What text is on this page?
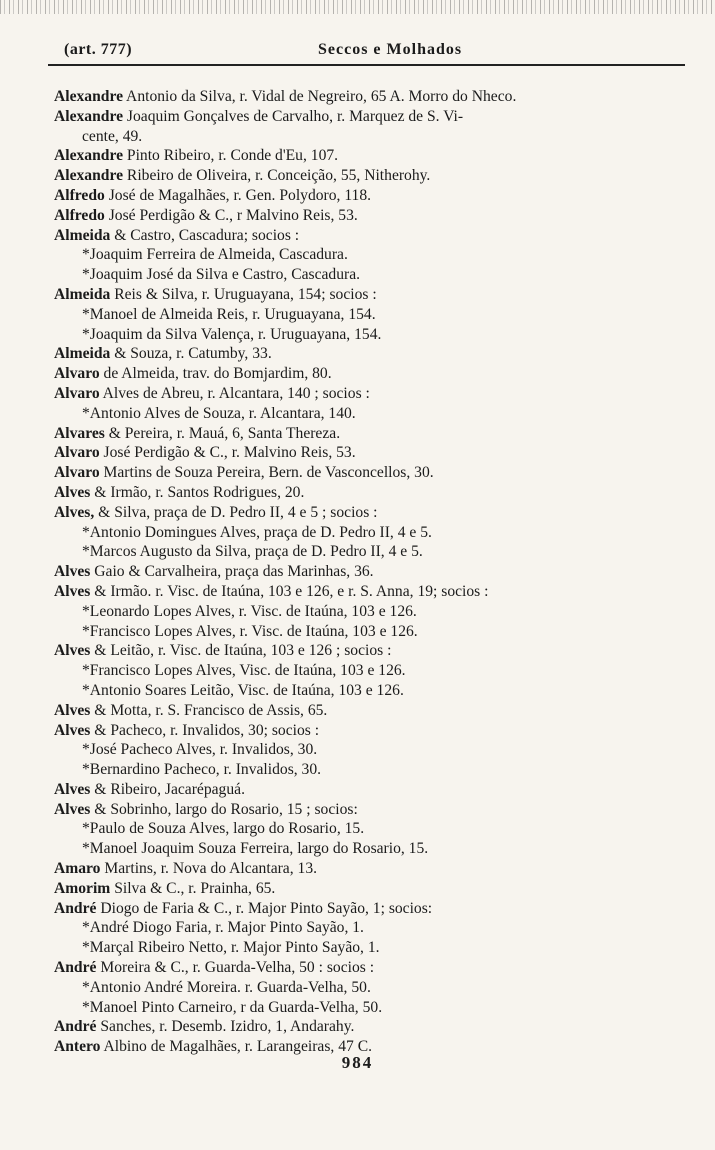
(art. 777)	Seccos e Molhados
Alexandre Antonio da Silva, r. Vidal de Negreiro, 65 A. Morro do Nheco.
Alexandre Joaquim Gonçalves de Carvalho, r. Marquez de S. Vi-
cente, 49.
Alexandre Pinto Ribeiro, r. Conde d'Eu, 107.
Alexandre Ribeiro de Oliveira, r. Conceição, 55, Nitherohy.
Alfredo José de Magalhães, r. Gen. Polydoro, 118.
Alfredo José Perdigão & C., r Malvino Reis, 53.
Almeida & Castro, Cascadura; socios :
*Joaquim Ferreira de Almeida, Cascadura.
*Joaquim José da Silva e Castro, Cascadura.
Almeida Reis & Silva, r. Uruguayana, 154; socios :
*Manoel de Almeida Reis, r. Uruguayana, 154.
*Joaquim da Silva Valença, r. Uruguayana, 154.
Almeida & Souza, r. Catumby, 33.
Alvaro de Almeida, trav. do Bomjardim, 80.
Alvaro Alves de Abreu, r. Alcantara, 140 ; socios :
*Antonio Alves de Souza, r. Alcantara, 140.
Alvares & Pereira, r. Mauá, 6, Santa Thereza.
Alvaro José Perdigão & C., r. Malvino Reis, 53.
Alvaro Martins de Souza Pereira, Bern. de Vasconcellos, 30.
Alves & Irmão, r. Santos Rodrigues, 20.
Alves, & Silva, praça de D. Pedro II, 4 e 5 ; socios :
*Antonio Domingues Alves, praça de D. Pedro II, 4 e 5.
*Marcos Augusto da Silva, praça de D. Pedro II, 4 e 5.
Alves Gaio & Carvalheira, praça das Marinhas, 36.
Alves & Irmão. r. Visc. de Itaúna, 103 e 126, e r. S. Anna, 19; socios :
*Leonardo Lopes Alves, r. Visc. de Itaúna, 103 e 126.
*Francisco Lopes Alves, r. Visc. de Itaúna, 103 e 126.
Alves & Leitão, r. Visc. de Itaúna, 103 e 126 ; socios :
*Francisco Lopes Alves, Visc. de Itaúna, 103 e 126.
*Antonio Soares Leitão, Visc. de Itaúna, 103 e 126.
Alves & Motta, r. S. Francisco de Assis, 65.
Alves & Pacheco, r. Invalidos, 30; socios :
*José Pacheco Alves, r. Invalidos, 30.
*Bernardino Pacheco, r. Invalidos, 30.
Alves & Ribeiro, Jacarépaguá.
Alves & Sobrinho, largo do Rosario, 15 ; socios:
*Paulo de Souza Alves, largo do Rosario, 15.
*Manoel Joaquim Souza Ferreira, largo do Rosario, 15.
Amaro Martins, r. Nova do Alcantara, 13.
Amorim Silva & C., r. Prainha, 65.
André Diogo de Faria & C., r. Major Pinto Sayão, 1; socios:
*André Diogo Faria, r. Major Pinto Sayão, 1.
*Marçal Ribeiro Netto, r. Major Pinto Sayão, 1.
André Moreira & C., r. Guarda-Velha, 50 : socios :
*Antonio André Moreira. r. Guarda-Velha, 50.
*Manoel Pinto Carneiro, r da Guarda-Velha, 50.
André Sanches, r. Desemb. Izidro, 1, Andarahy.
Antero Albino de Magalhães, r. Larangeiras, 47 C.
984
